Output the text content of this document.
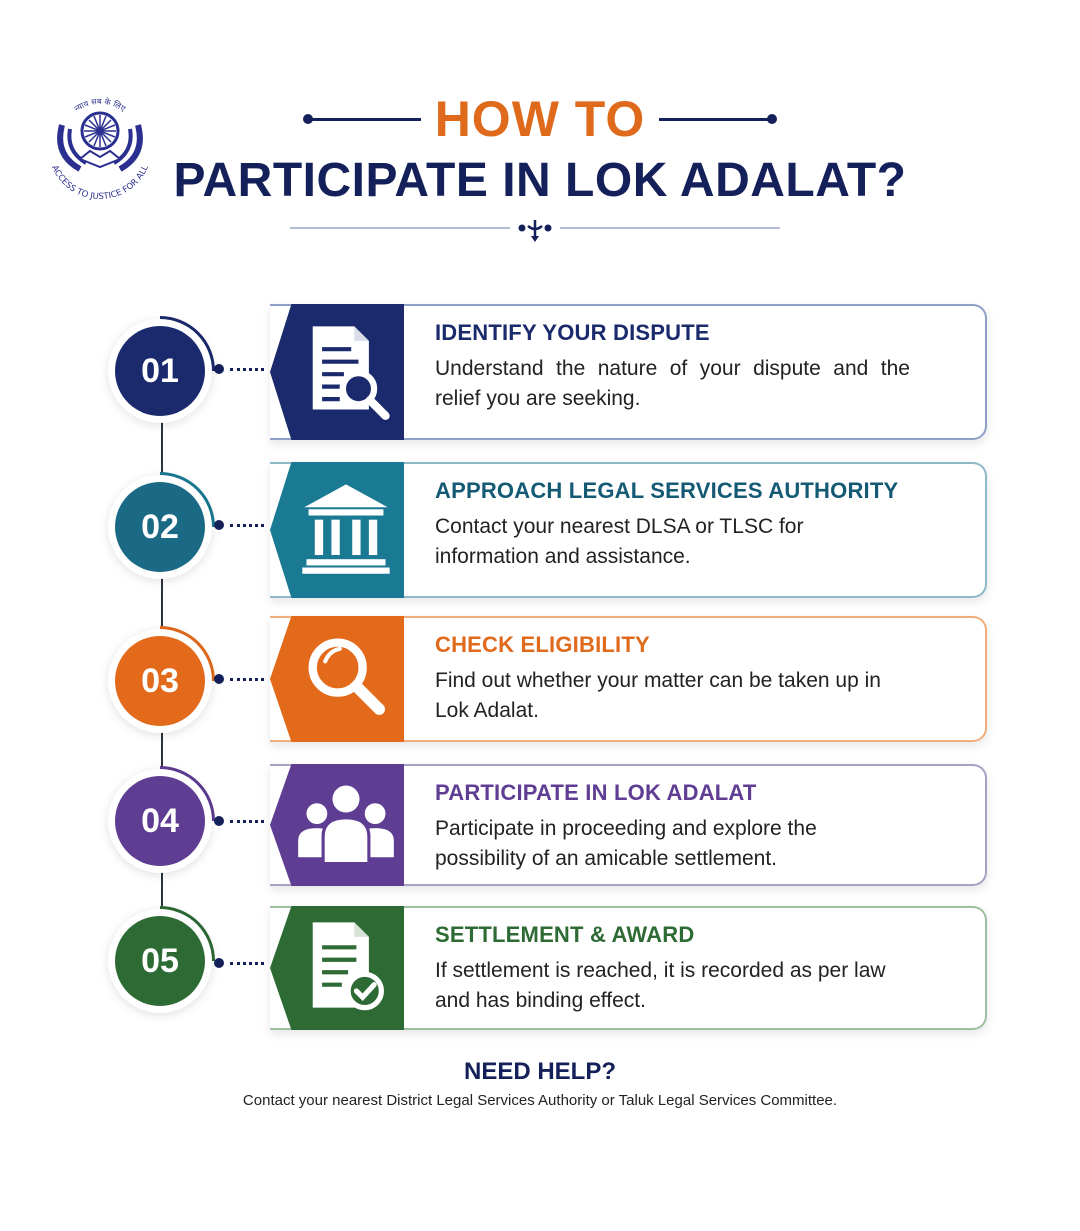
न्याय सब के लिए
ACCESS TO JUSTICE FOR ALL
HOW TO
PARTICIPATE IN LOK ADALAT?
01
IDENTIFY YOUR DISPUTE
Understand the nature of your dispute and the relief you are seeking.
02
APPROACH LEGAL SERVICES AUTHORITY
Contact your nearest DLSA or TLSC for information and assistance.
03
CHECK ELIGIBILITY
Find out whether your matter can be taken up in Lok Adalat.
04
PARTICIPATE IN LOK ADALAT
Participate in proceeding and explore the possibility of an amicable settlement.
05
SETTLEMENT & AWARD
If settlement is reached, it is recorded as per law and has binding effect.
NEED HELP?
Contact your nearest District Legal Services Authority or Taluk Legal Services Committee.
